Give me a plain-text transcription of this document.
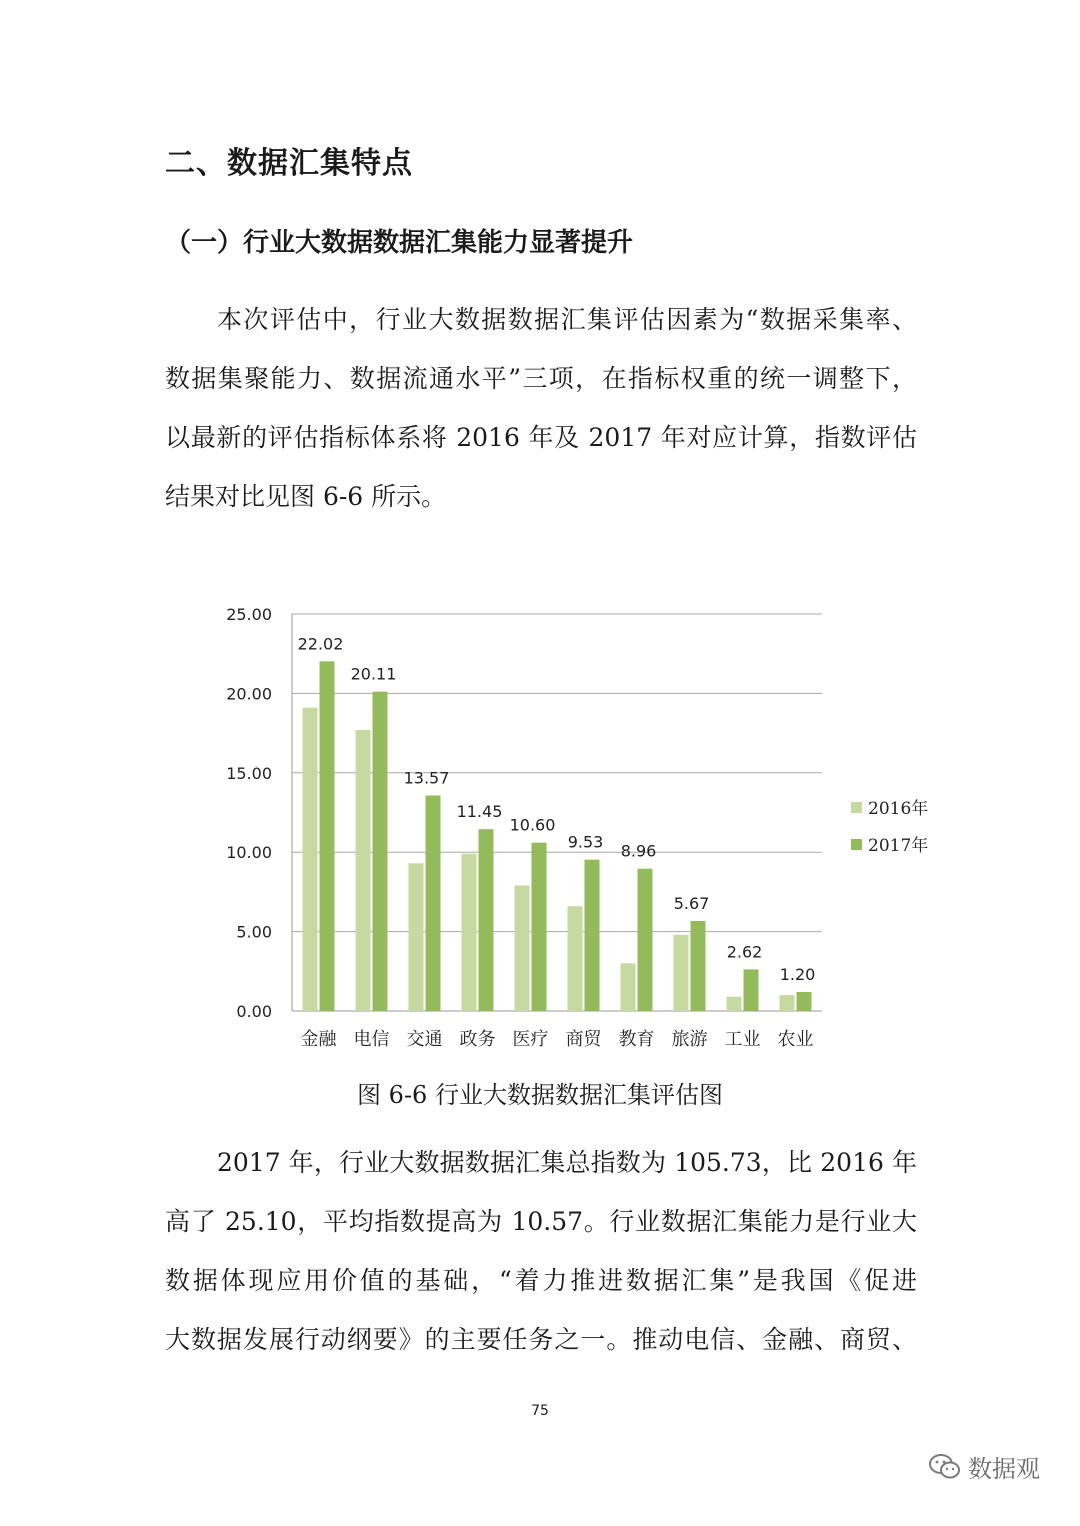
二、数据汇集特点
（一）行业大数据数据汇集能力显著提升
本次评估中，行业大数据数据汇集评估因素为“数据采集率、
数据集聚能力、数据流通水平”三项，在指标权重的统一调整下，
以最新的评估指标体系将 2016 年及 2017 年对应计算，指数评估
结果对比见图 6-6 所示。
0.00
5.00
10.00
15.00
20.00
25.00
22.02
金融
20.11
电信
13.57
交通
11.45
政务
10.60
医疗
9.53
商贸
8.96
教育
5.67
旅游
2.62
工业
1.20
农业
2016年
2017年
图 6-6 行业大数据数据汇集评估图
2017 年，行业大数据数据汇集总指数为 105.73，比 2016 年
高了 25.10，平均指数提高为 10.57。行业数据汇集能力是行业大
数据体现应用价值的基础，“着力推进数据汇集”是我国《促进
大数据发展行动纲要》的主要任务之一。推动电信、金融、商贸、
75
数据观
